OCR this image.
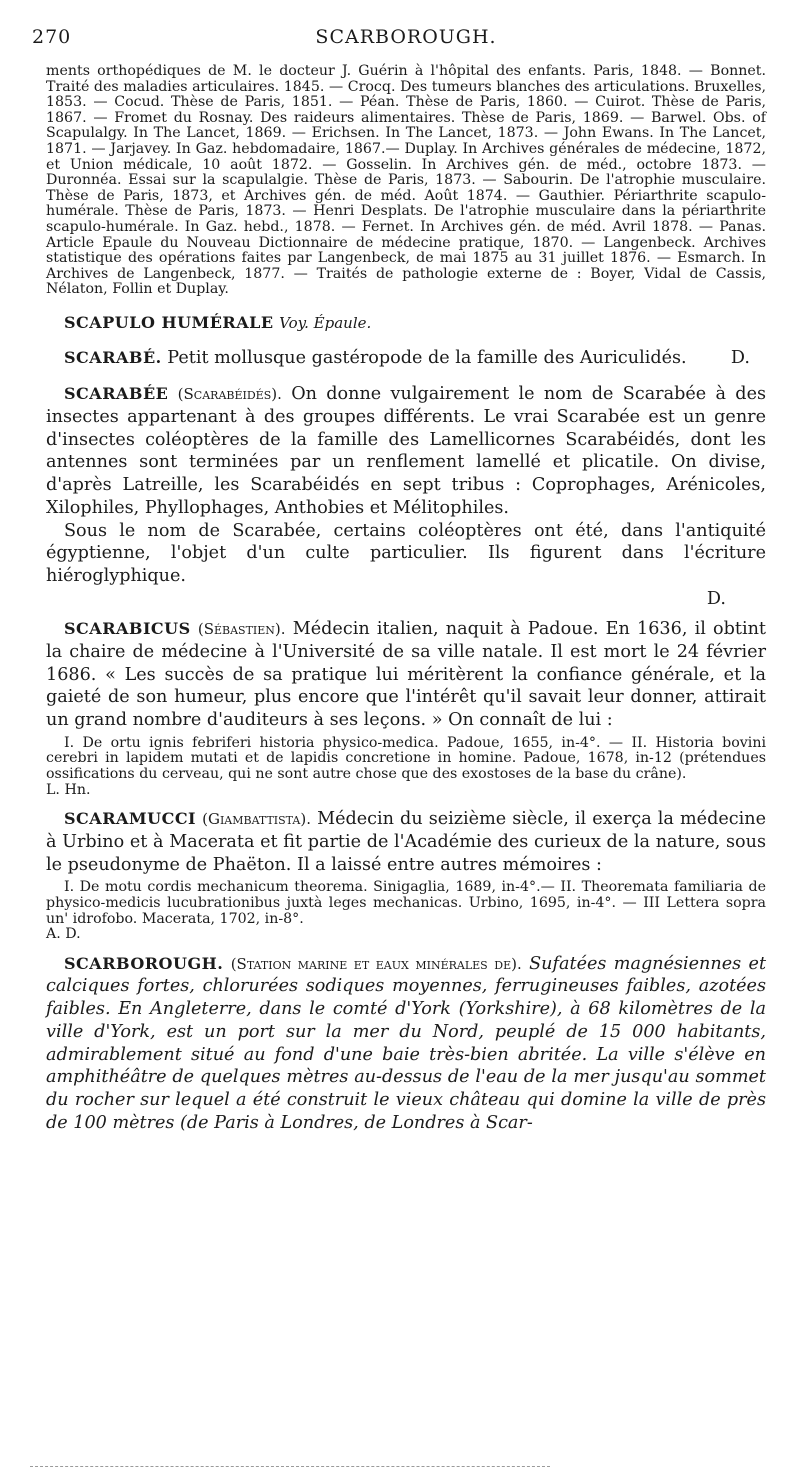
270	SCARBOROUGH.

ments orthopédiques de M. le docteur J. Guérin à l'hôpital des enfants. Paris, 1848. — Bonnet. Traité des maladies articulaires. 1845. — Crocq. Des tumeurs blanches des articulations. Bruxelles, 1853. — Cocud. Thèse de Paris, 1851. — Péan. Thèse de Paris, 1860. — Cuirot. Thèse de Paris, 1867. — Fromet du Rosnay. Des raideurs alimentaires. Thèse de Paris, 1869. — Barwel. Obs. of Scapulalgy. In The Lancet, 1869. — Erichsen. In The Lancet, 1873. — John Ewans. In The Lancet, 1871. — Jarjavey. In Gaz. hebdomadaire, 1867.— Duplay. In Archives générales de médecine, 1872, et Union médicale, 10 août 1872. — Gosselin. In Archives gén. de méd., octobre 1873. — Duronnéa. Essai sur la scapulalgie. Thèse de Paris, 1873. — Sabourin. De l'atrophie musculaire. Thèse de Paris, 1873, et Archives gén. de méd. Août 1874. — Gauthier. Périarthrite scapulo-humérale. Thèse de Paris, 1873. — Henri Desplats. De l'atrophie musculaire dans la périarthrite scapulo-humérale. In Gaz. hebd., 1878. — Fernet. In Archives gén. de méd. Avril 1878. — Panas. Article Epaule du Nouveau Dictionnaire de médecine pratique, 1870. — Langenbeck. Archives statistique des opérations faites par Langenbeck, de mai 1875 au 31 juillet 1876. — Esmarch. In Archives de Langenbeck, 1877. — Traités de pathologie externe de : Boyer, Vidal de Cassis, Nélaton, Follin et Duplay.

SCAPULO HUMÉRALE Voy. Épaule.

SCARABÉ. Petit mollusque gastéropode de la famille des Auriculidés.	D.

SCARABÉE (Scarabéidés). On donne vulgairement le nom de Scarabée à des insectes appartenant à des groupes différents. Le vrai Scarabée est un genre d'insectes coléoptères de la famille des Lamellicornes Scarabéidés, dont les antennes sont terminées par un renflement lamellé et plicatile. On divise, d'après Latreille, les Scarabéidés en sept tribus : Coprophages, Arénicoles, Xilophiles, Phyllophages, Anthobies et Mélitophiles.

Sous le nom de Scarabée, certains coléoptères ont été, dans l'antiquité égyptienne, l'objet d'un culte particulier. Ils figurent dans l'écriture hiéroglyphique.

D.

SCARABICUS (Sébastien). Médecin italien, naquit à Padoue. En 1636, il obtint la chaire de médecine à l'Université de sa ville natale. Il est mort le 24 février 1686. « Les succès de sa pratique lui méritèrent la confiance générale, et la gaieté de son humeur, plus encore que l'intérêt qu'il savait leur donner, attirait un grand nombre d'auditeurs à ses leçons. » On connaît de lui :

I. De ortu ignis febriferi historia physico-medica. Padoue, 1655, in-4°. — II. Historia bovini cerebri in lapidem mutati et de lapidis concretione in homine. Padoue, 1678, in-12 (prétendues ossifications du cerveau, qui ne sont autre chose que des exostoses de la base du crâne).
L. Hn.

SCARAMUCCI (Giambattista). Médecin du seizième siècle, il exerça la médecine à Urbino et à Macerata et fit partie de l'Académie des curieux de la nature, sous le pseudonyme de Phaëton. Il a laissé entre autres mémoires :

I. De motu cordis mechanicum theorema. Sinigaglia, 1689, in-4°.— II. Theoremata familiaria de physico-medicis lucubrationibus juxtà leges mechanicas. Urbino, 1695, in-4°. — III Lettera sopra un' idrofobo. Macerata, 1702, in-8°.
A. D.

SCARBOROUGH. (Station marine et eaux minérales de). Sufatées magnésiennes et calciques fortes, chlorurées sodiques moyennes, ferrugineuses faibles, azotées faibles. En Angleterre, dans le comté d'York (Yorkshire), à 68 kilomètres de la ville d'York, est un port sur la mer du Nord, peuplé de 15 000 habitants, admirablement situé au fond d'une baie très-bien abritée. La ville s'élève en amphithéâtre de quelques mètres au-dessus de l'eau de la mer jusqu'au sommet du rocher sur lequel a été construit le vieux château qui domine la ville de près de 100 mètres (de Paris à Londres, de Londres à Scar-
